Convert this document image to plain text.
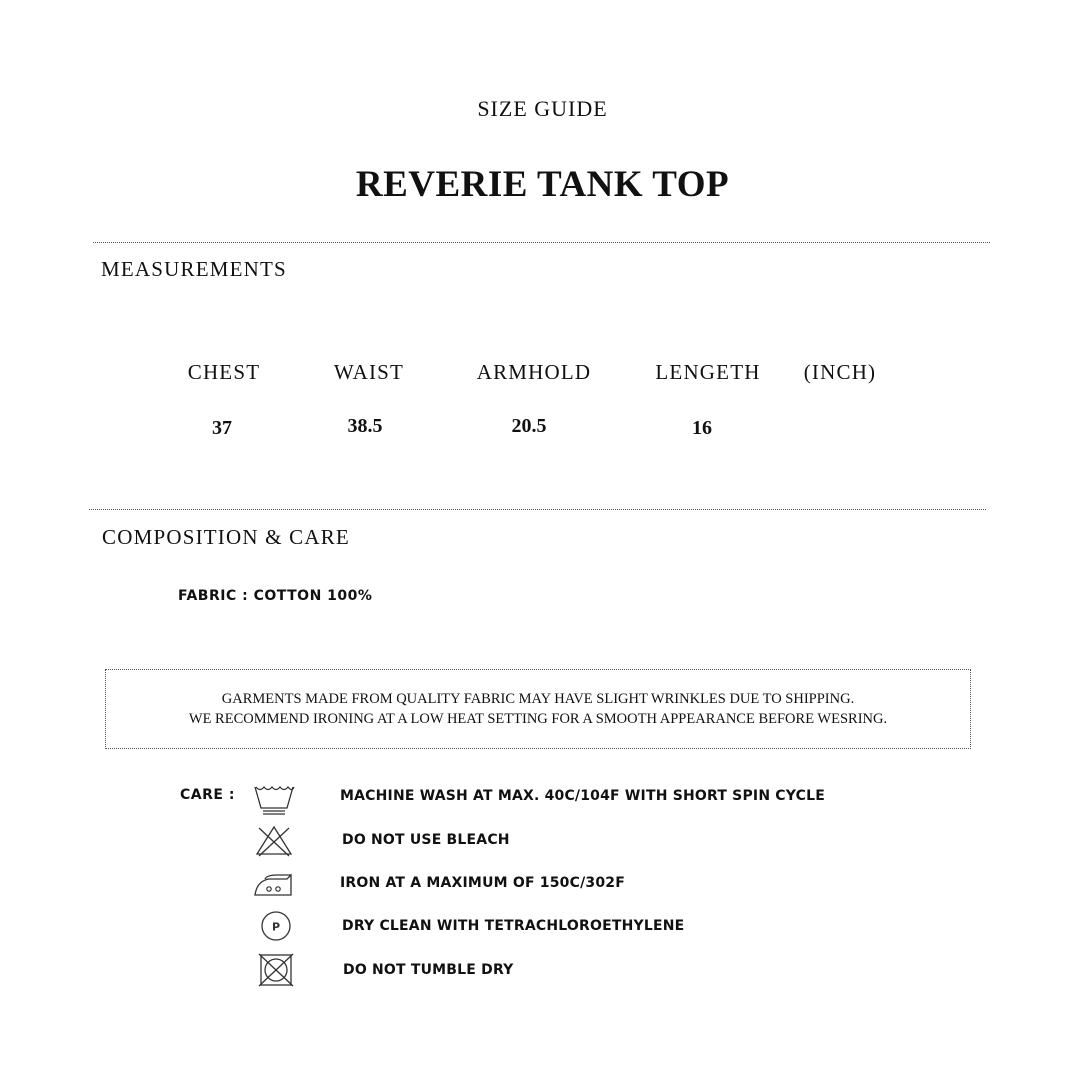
SIZE GUIDE
REVERIE TANK TOP
MEASUREMENTS
CHEST	WAIST	ARMHOLD	LENGETH	(INCH)
37	38.5	20.5	16
COMPOSITION & CARE
FABRIC : COTTON 100%
GARMENTS MADE FROM QUALITY FABRIC MAY HAVE SLIGHT WRINKLES DUE TO SHIPPING.
WE RECOMMEND IRONING AT A LOW HEAT SETTING FOR A SMOOTH APPEARANCE BEFORE WESRING.
CARE :	MACHINE WASH AT MAX. 40C/104F WITH SHORT SPIN CYCLE
DO NOT USE BLEACH
IRON AT A MAXIMUM OF 150C/302F
P	DRY CLEAN WITH TETRACHLOROETHYLENE
DO NOT TUMBLE DRY
